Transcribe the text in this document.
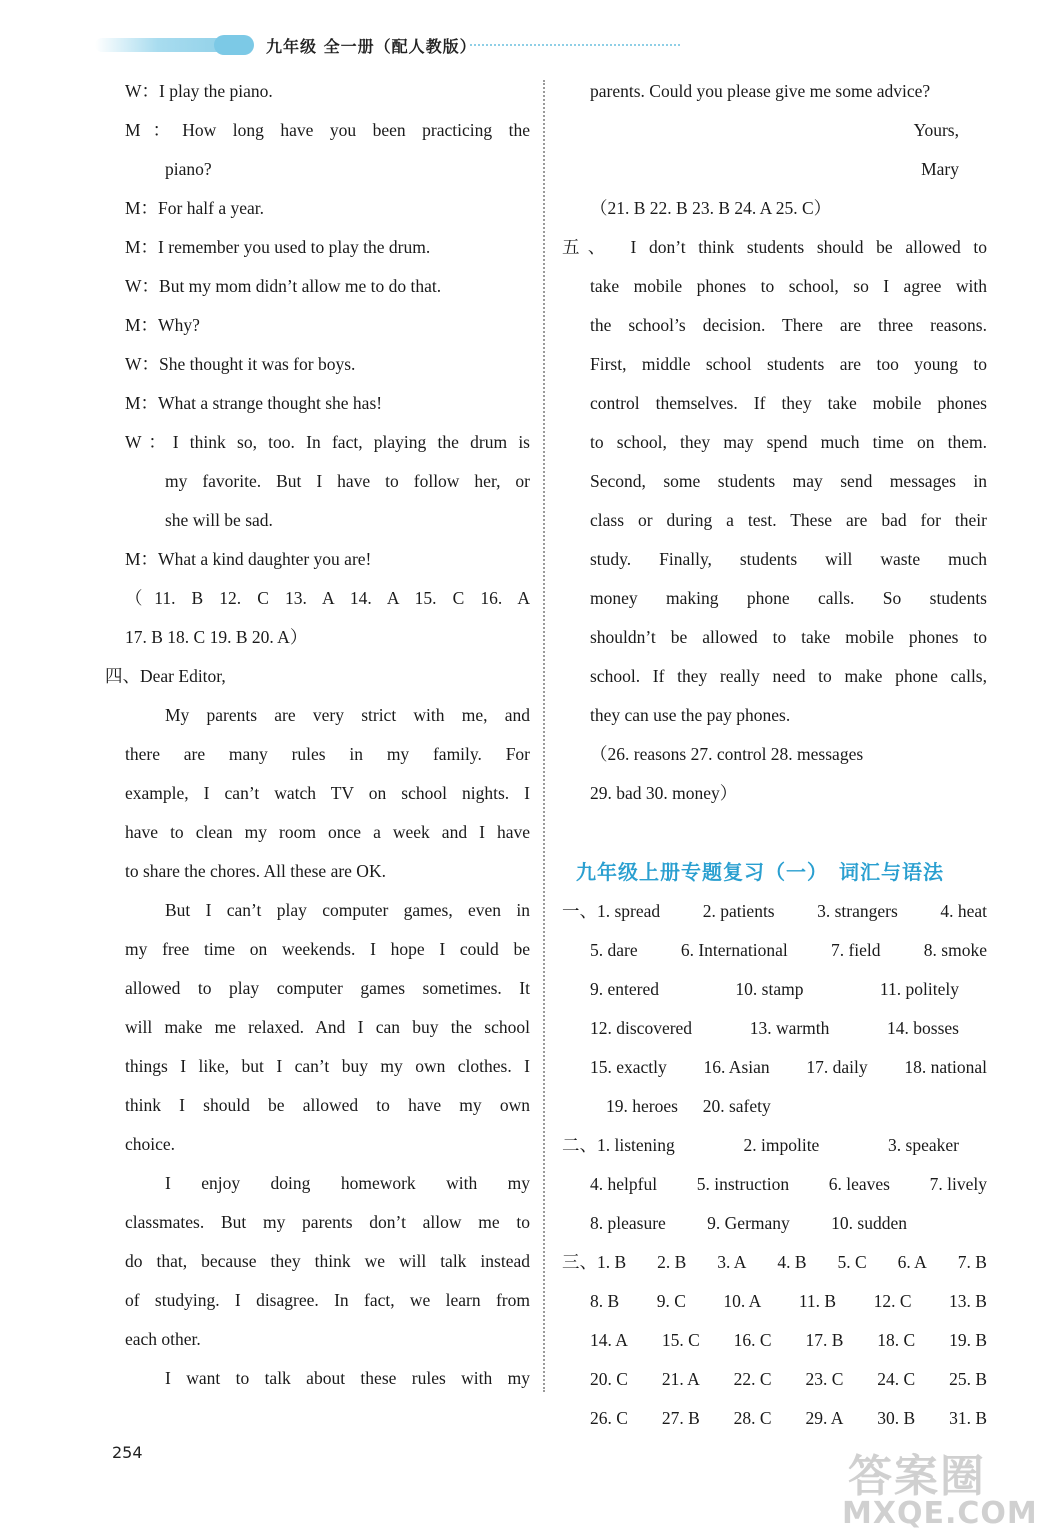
九年级 全一册（配人教版）
W：I play the piano.
M：How long have you been practicing the
piano?
M：For half a year.
M：I remember you used to play the drum.
W：But my mom didn’t allow me to do that.
M：Why?
W：She thought it was for boys.
M：What a strange thought she has!
W：I think so, too. In fact, playing the drum is
my favorite. But I have to follow her, or
she will be sad.
M：What a kind daughter you are!
（11. B 12. C 13. A 14. A 15. C 16. A
17. B 18. C 19. B 20. A）
四、Dear Editor,
My parents are very strict with me, and
there are many rules in my family. For
example, I can’t watch TV on school nights. I
have to clean my room once a week and I have
to share the chores. All these are OK.
But I can’t play computer games, even in
my free time on weekends. I hope I could be
allowed to play computer games sometimes. It
will make me relaxed. And I can buy the school
things I like, but I can’t buy my own clothes. I
think I should be allowed to have my own
choice.
I enjoy doing homework with my
classmates. But my parents don’t allow me to
do that, because they think we will talk instead
of studying. I disagree. In fact, we learn from
each other.
I want to talk about these rules with my
parents. Could you please give me some advice?
Yours,
Mary
（21. B 22. B 23. B 24. A 25. C）
五、　I don’t think students should be allowed to
take mobile phones to school, so I agree with
the school’s decision. There are three reasons.
First, middle school students are too young to
control themselves. If they take mobile phones
to school, they may spend much time on them.
Second, some students may send messages in
class or during a test. These are bad for their
study. Finally, students will waste much
money making phone calls. So students
shouldn’t be allowed to take mobile phones to
school. If they really need to make phone calls,
they can use the pay phones.
（26. reasons 27. control 28. messages
29. bad 30. money）
九年级上册专题复习（一）　词汇与语法
一、1. spread 2. patients 3. strangers 4. heat
5. dare 6. International 7. field 8. smoke
9. entered	10. stamp	11. politely
12. discovered	13. warmth	14. bosses
15. exactly 16. Asian 17. daily 18. national
19. heroes 20. safety
二、1. listening	2. impolite	3. speaker
4. helpful 5. instruction 6. leaves 7. lively
8. pleasure 9. Germany 10. sudden
三、1. B 2. B 3. A 4. B 5. C 6. A 7. B
8. B 9. C 10. A 11. B 12. C 13. B
14. A 15. C 16. C 17. B 18. C 19. B
20. C 21. A 22. C 23. C 24. C 25. B
26. C 27. B 28. C 29. A 30. B 31. B
254	答案圈
MXQE.COM
